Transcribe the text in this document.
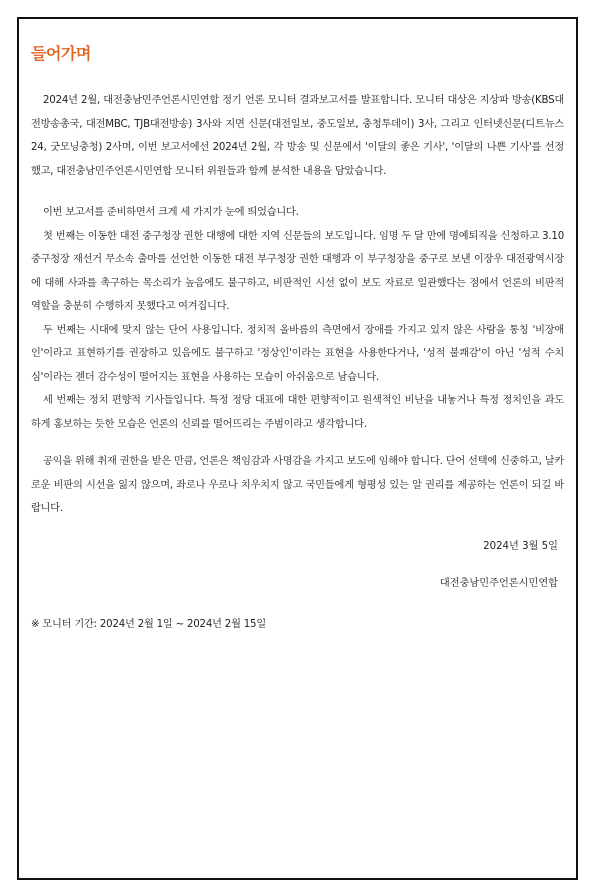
들어가며

2024년 2월, 대전충남민주언론시민연합 정기 언론 모니터 결과보고서를 발표합니다. 모니터 대상은 지상파 방송(KBS대전방송총국, 대전MBC, TJB대전방송) 3사와 지면 신문(대전일보, 중도일보, 충청투데이) 3사, 그리고 인터넷신문(디트뉴스24, 굿모닝충청) 2사며, 이번 보고서에선 2024년 2월, 각 방송 및 신문에서 '이달의 좋은 기사', '이달의 나쁜 기사'를 선정했고, 대전충남민주언론시민연합 모니터 위원들과 함께 분석한 내용을 담았습니다.

이번 보고서를 준비하면서 크게 세 가지가 눈에 띄었습니다.

첫 번째는 이동한 대전 중구청장 권한 대행에 대한 지역 신문들의 보도입니다. 임명 두 달 만에 명예퇴직을 신청하고 3.10 중구청장 재선거 무소속 출마를 선언한 이동한 대전 부구청장 권한 대행과 이 부구청장을 중구로 보낸 이장우 대전광역시장에 대해 사과를 촉구하는 목소리가 높음에도 불구하고, 비판적인 시선 없이 보도 자료로 일관했다는 점에서 언론의 비판적 역할을 충분히 수행하지 못했다고 여겨집니다.

두 번째는 시대에 맞지 않는 단어 사용입니다. 정치적 올바름의 측면에서 장애를 가지고 있지 않은 사람을 통칭 '비장애인'이라고 표현하기를 권장하고 있음에도 불구하고 '정상인'이라는 표현을 사용한다거나, '성적 불쾌감'이 아닌 '성적 수치심'이라는 젠더 감수성이 떨어지는 표현을 사용하는 모습이 아쉬움으로 남습니다.

세 번째는 정치 편향적 기사들입니다. 특정 정당 대표에 대한 편향적이고 원색적인 비난을 내놓거나 특정 정치인을 과도하게 홍보하는 듯한 모습은 언론의 신뢰를 떨어뜨리는 주범이라고 생각합니다.

공익을 위해 취재 권한을 받은 만큼, 언론은 책임감과 사명감을 가지고 보도에 임해야 합니다. 단어 선택에 신중하고, 날카로운 비판의 시선을 잃지 않으며, 좌로나 우로나 치우치지 않고 국민들에게 형평성 있는 알 권리를 제공하는 언론이 되길 바랍니다.

2024년 3월 5일

대전충남민주언론시민연합

※ 모니터 기간: 2024년 2월 1일 ~ 2024년 2월 15일
